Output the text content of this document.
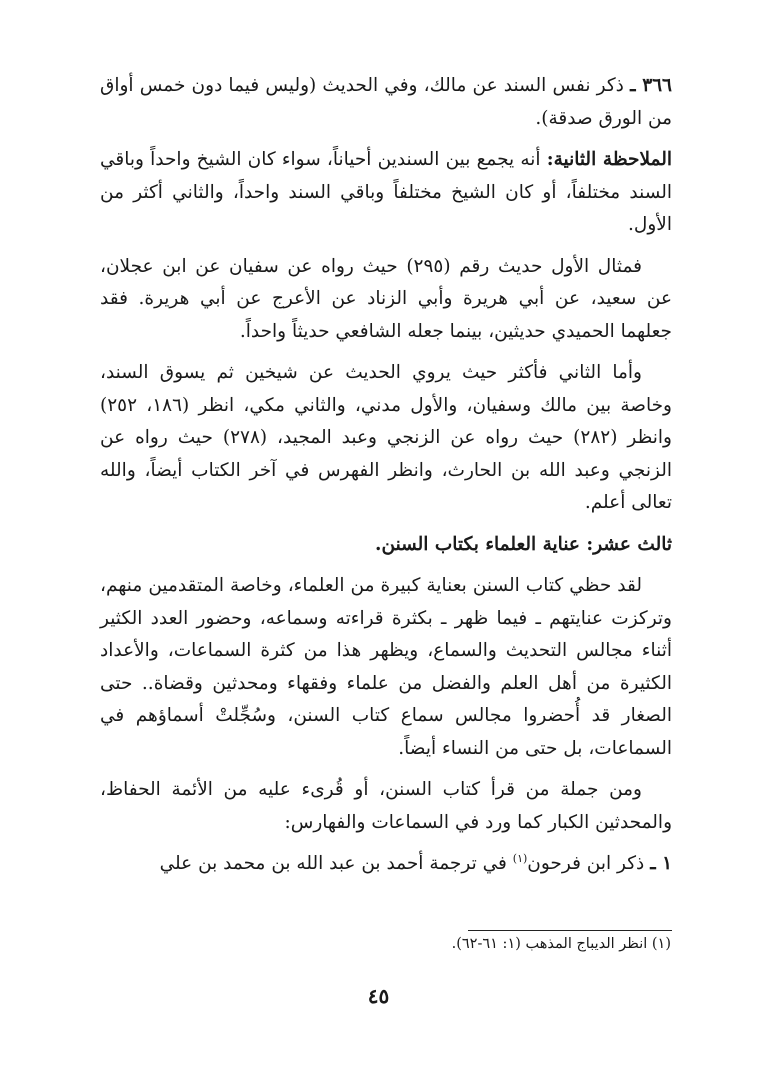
٣٦٦ ـ ذكر نفس السند عن مالك، وفي الحديث (وليس فيما دون خمس أواق من الورق صدقة).

الملاحظة الثانية: أنه يجمع بين السندين أحياناً، سواء كان الشيخ واحداً وباقي السند مختلفاً، أو كان الشيخ مختلفاً وباقي السند واحداً، والثاني أكثر من الأول.

فمثال الأول حديث رقم (٢٩٥) حيث رواه عن سفيان عن ابن عجلان، عن سعيد، عن أبي هريرة وأبي الزناد عن الأعرج عن أبي هريرة. فقد جعلهما الحميدي حديثين، بينما جعله الشافعي حديثاً واحداً.

وأما الثاني فأكثر حيث يروي الحديث عن شيخين ثم يسوق السند، وخاصة بين مالك وسفيان، والأول مدني، والثاني مكي، انظر (١٨٦، ٢٥٢) وانظر (٢٨٢) حيث رواه عن الزنجي وعبد المجيد، (٢٧٨) حيث رواه عن الزنجي وعبد الله بن الحارث، وانظر الفهرس في آخر الكتاب أيضاً، والله تعالى أعلم.

ثالث عشر: عناية العلماء بكتاب السنن.

لقد حظي كتاب السنن بعناية كبيرة من العلماء، وخاصة المتقدمين منهم، وتركزت عنايتهم ـ فيما ظهر ـ بكثرة قراءته وسماعه، وحضور العدد الكثير أثناء مجالس التحديث والسماع، ويظهر هذا من كثرة السماعات، والأعداد الكثيرة من أهل العلم والفضل من علماء وفقهاء ومحدثين وقضاة.. حتى الصغار قد أُحضروا مجالس سماع كتاب السنن، وسُجِّلتْ أسماؤهم في السماعات، بل حتى من النساء أيضاً.

ومن جملة من قرأ كتاب السنن، أو قُرىء عليه من الأئمة الحفاظ، والمحدثين الكبار كما ورد في السماعات والفهارس:

١ ـ ذكر ابن فرحون$^{(١)}$ في ترجمة أحمد بن عبد الله بن محمد بن علي

(١) انظر الديباج المذهب (١: ٦١-٦٢).
٤٥
